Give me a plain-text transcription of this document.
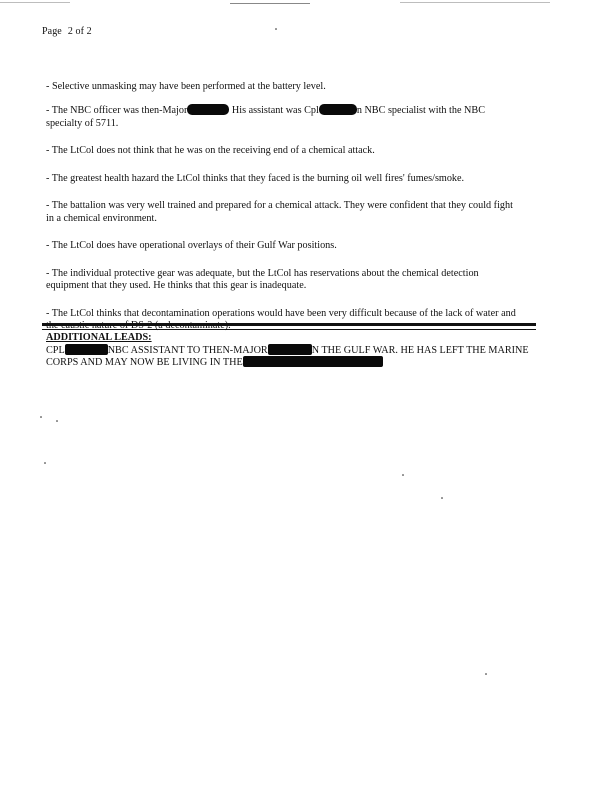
Page 2 of 2

- Selective unmasking may have been performed at the battery level.

- The NBC officer was then-Major	His assistant was Cpl	n NBC specialist with the NBC specialty of 5711.

- The LtCol does not think that he was on the receiving end of a chemical attack.

- The greatest health hazard the LtCol thinks that they faced is the burning oil well fires' fumes/smoke.

- The battalion was very well trained and prepared for a chemical attack. They were confident that they could fight in a chemical environment.

- The LtCol does have operational overlays of their Gulf War positions.

- The individual protective gear was adequate, but the LtCol has reservations about the chemical detection equipment that they used. He thinks that this gear is inadequate.

- The LtCol thinks that decontamination operations would have been very difficult because of the lack of water and

ADDITIONAL LEADS:
CPL	NBC ASSISTANT TO THEN-MAJOR	N THE GULF WAR. HE HAS LEFT THE MARINE CORPS AND MAY NOW BE LIVING IN THE
